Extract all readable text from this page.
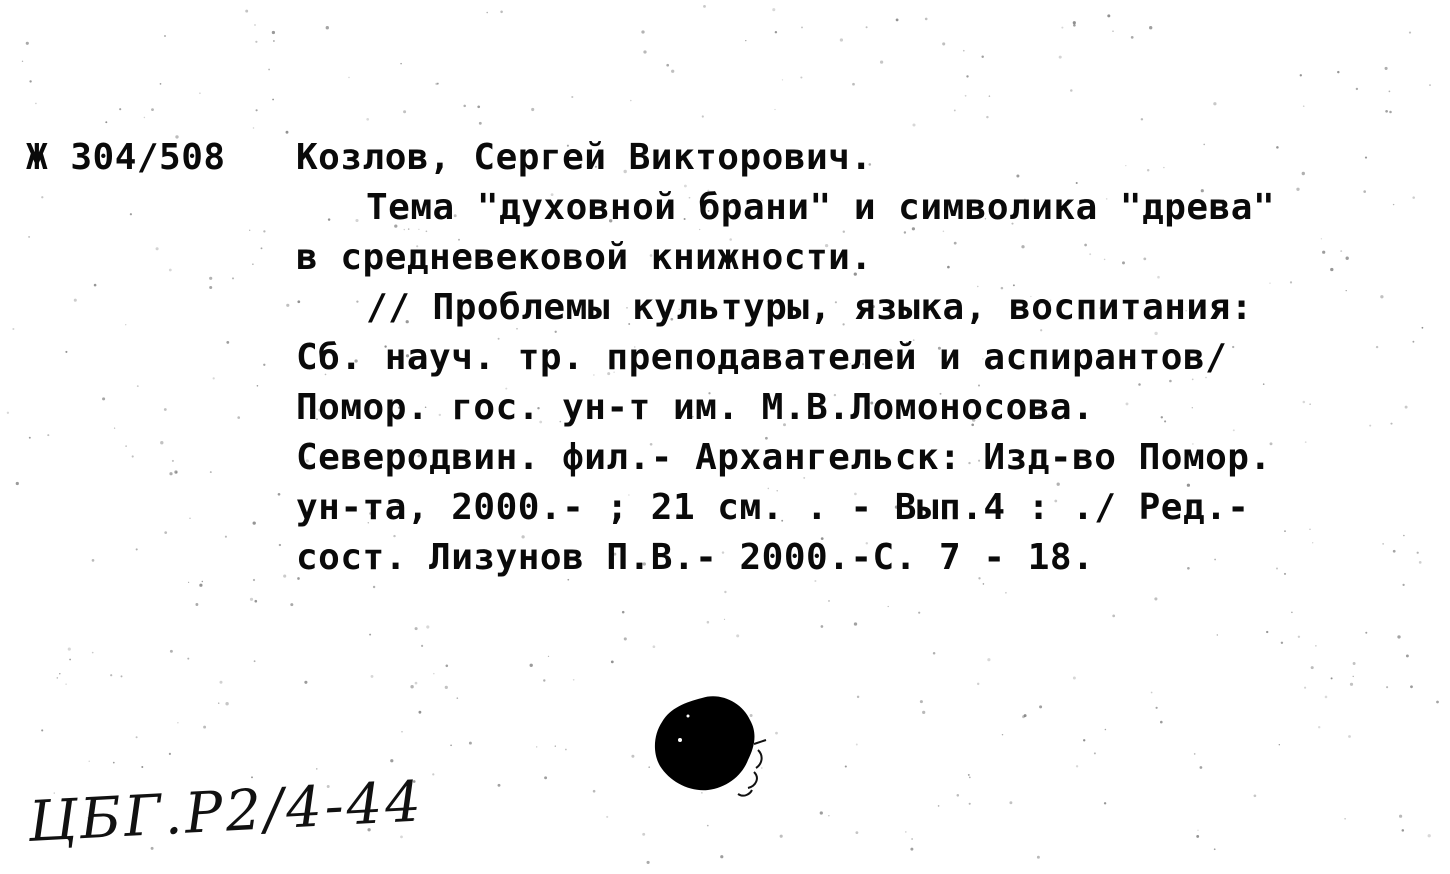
Ж 304/508 Козлов, Сергей Викторович.
Тема "духовной брани" и символика "древа"
в средневековой книжности.
// Проблемы культуры, языка, воспитания:
Сб. науч. тр. преподавателей и аспирантов/
Помор. гос. ун-т им. М.В.Ломоносова.
Северодвин. фил.- Архангельск: Изд-во Помор.
ун-та, 2000.- ; 21 см. . - Вып.4 : ./ Ред.-
сост. Лизунов П.В.- 2000.-С. 7 - 18.
ЦБГ.Р2/4-44
